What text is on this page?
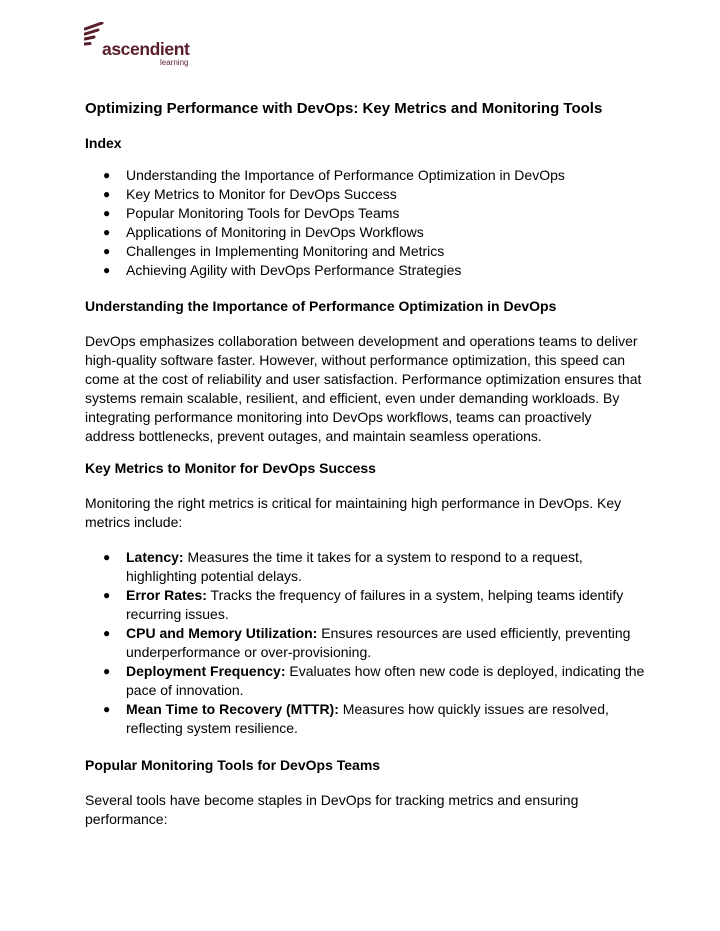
ascendient
learning
Optimizing Performance with DevOps: Key Metrics and Monitoring Tools
Index
● Understanding the Importance of Performance Optimization in DevOps
● Key Metrics to Monitor for DevOps Success
● Popular Monitoring Tools for DevOps Teams
● Applications of Monitoring in DevOps Workflows
● Challenges in Implementing Monitoring and Metrics
● Achieving Agility with DevOps Performance Strategies
Understanding the Importance of Performance Optimization in DevOps

DevOps emphasizes collaboration between development and operations teams to deliver high-quality software faster. However, without performance optimization, this speed can come at the cost of reliability and user satisfaction. Performance optimization ensures that systems remain scalable, resilient, and efficient, even under demanding workloads. By integrating performance monitoring into DevOps workflows, teams can proactively address bottlenecks, prevent outages, and maintain seamless operations.

Key Metrics to Monitor for DevOps Success

Monitoring the right metrics is critical for maintaining high performance in DevOps. Key metrics include:

● Latency: Measures the time it takes for a system to respond to a request, highlighting potential delays.
● Error Rates: Tracks the frequency of failures in a system, helping teams identify recurring issues.
● CPU and Memory Utilization: Ensures resources are used efficiently, preventing underperformance or over-provisioning.
● Deployment Frequency: Evaluates how often new code is deployed, indicating the pace of innovation.
● Mean Time to Recovery (MTTR): Measures how quickly issues are resolved, reflecting system resilience.
Popular Monitoring Tools for DevOps Teams

Several tools have become staples in DevOps for tracking metrics and ensuring performance:
